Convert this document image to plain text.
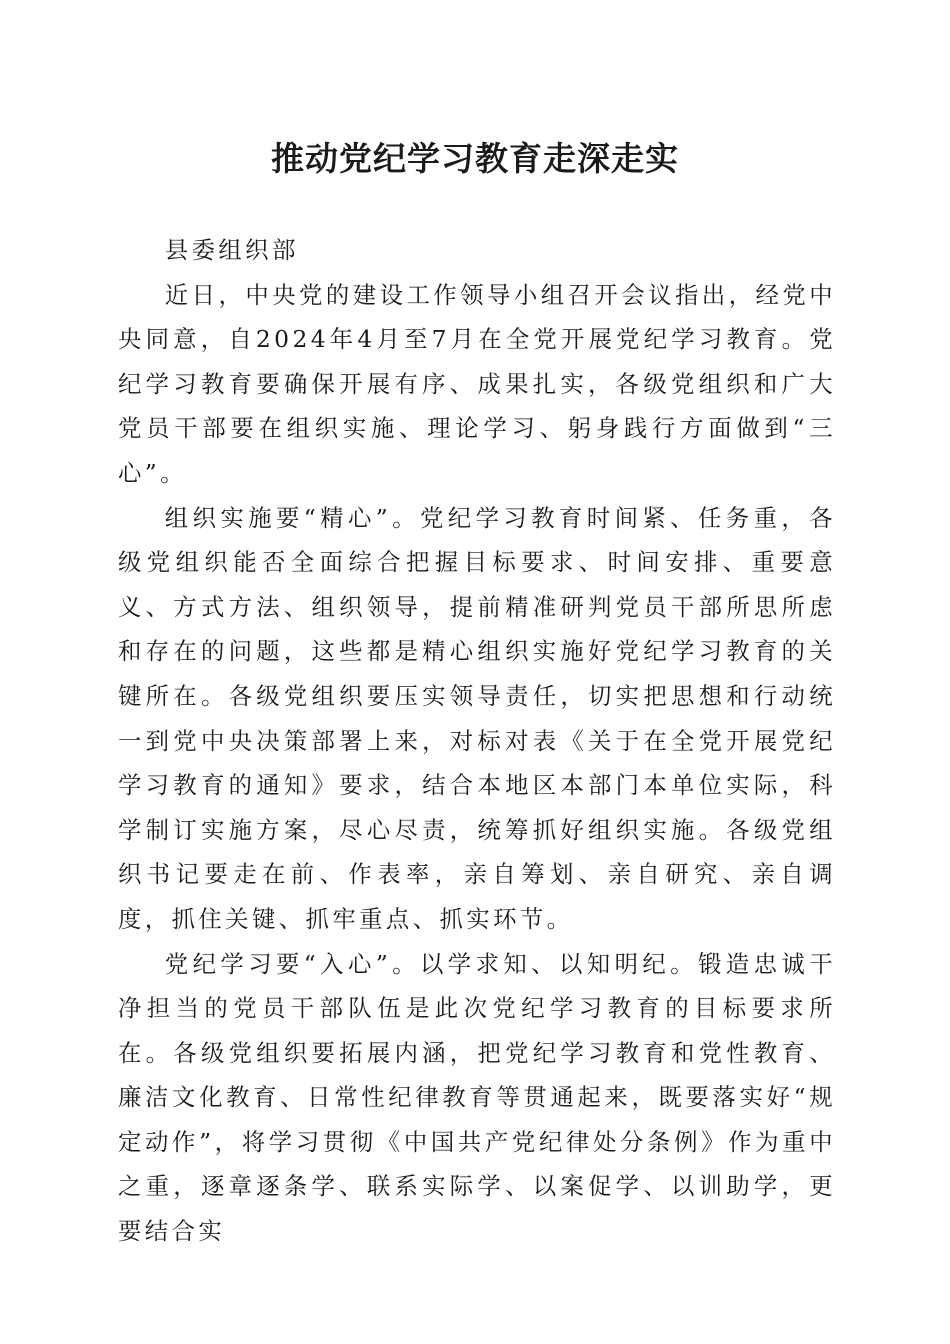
推动党纪学习教育走深走实

县委组织部

近日，中央党的建设工作领导小组召开会议指出，经党中央同意，自2024年4月至7月在全党开展党纪学习教育。党纪学习教育要确保开展有序、成果扎实，各级党组织和广大党员干部要在组织实施、理论学习、躬身践行方面做到“三心”。

组织实施要“精心”。党纪学习教育时间紧、任务重，各级党组织能否全面综合把握目标要求、时间安排、重要意义、方式方法、组织领导，提前精准研判党员干部所思所虑和存在的问题，这些都是精心组织实施好党纪学习教育的关键所在。各级党组织要压实领导责任，切实把思想和行动统一到党中央决策部署上来，对标对表《关于在全党开展党纪学习教育的通知》要求，结合本地区本部门本单位实际，科学制订实施方案，尽心尽责，统筹抓好组织实施。各级党组织书记要走在前、作表率，亲自筹划、亲自研究、亲自调度，抓住关键、抓牢重点、抓实环节。

党纪学习要“入心”。以学求知、以知明纪。锻造忠诚干净担当的党员干部队伍是此次党纪学习教育的目标要求所在。各级党组织要拓展内涵，把党纪学习教育和党性教育、廉洁文化教育、日常性纪律教育等贯通起来，既要落实好“规定动作”，将学习贯彻《中国共产党纪律处分条例》作为重中之重，逐章逐条学、联系实际学、以案促学、以训助学，更要结合实
